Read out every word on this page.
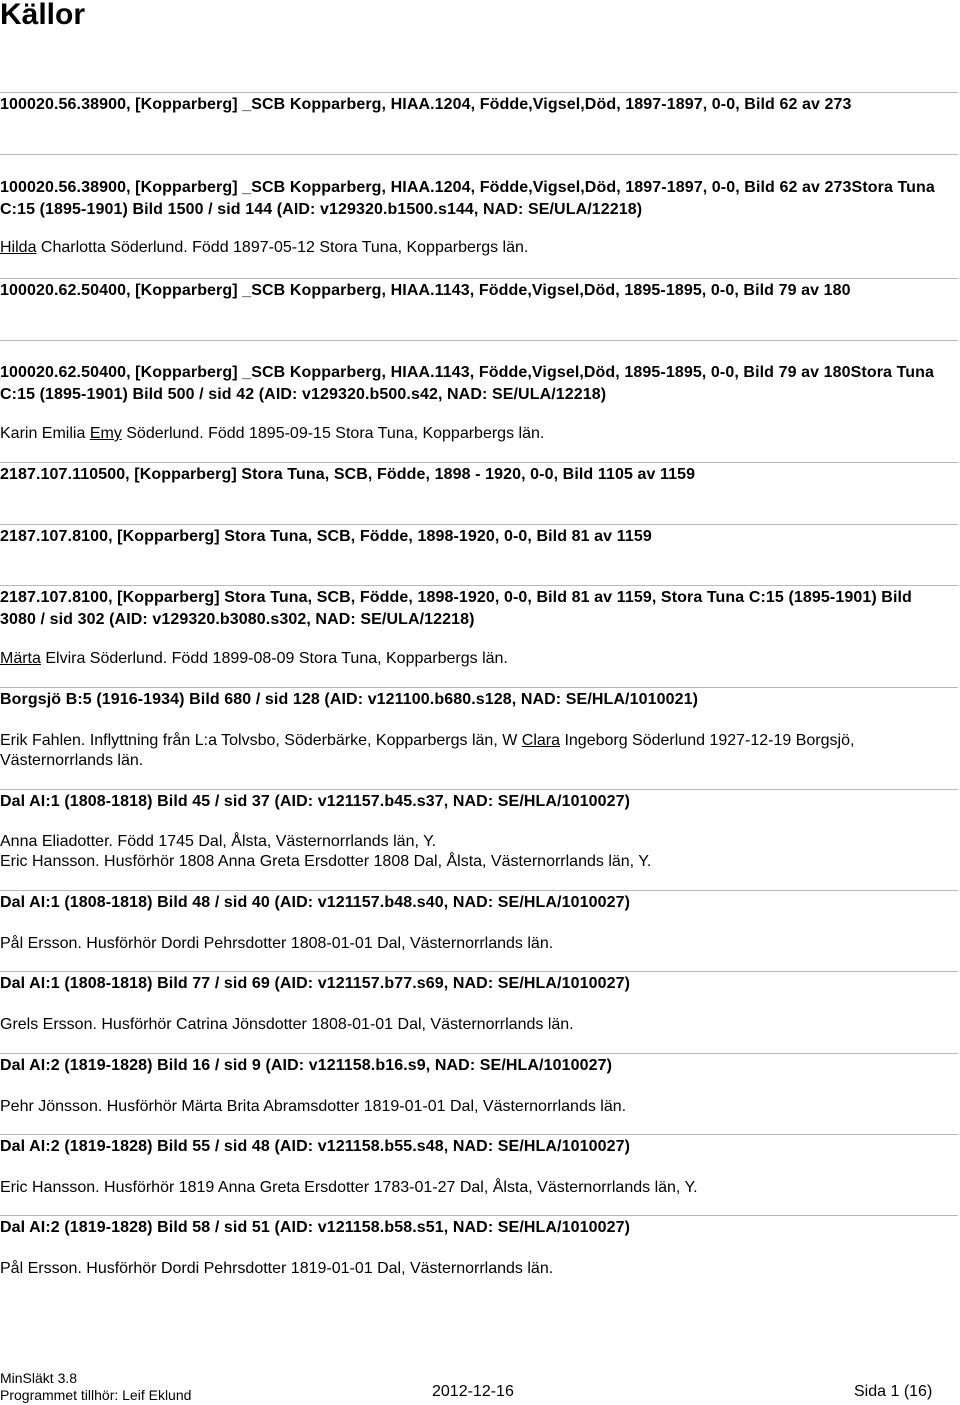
Källor
100020.56.38900, [Kopparberg] _SCB Kopparberg, HIAA.1204, Födde,Vigsel,Död, 1897-1897, 0-0, Bild 62 av 273
100020.56.38900, [Kopparberg] _SCB Kopparberg, HIAA.1204, Födde,Vigsel,Död, 1897-1897, 0-0, Bild 62 av 273Stora Tuna C:15 (1895-1901) Bild 1500 / sid 144 (AID: v129320.b1500.s144, NAD: SE/ULA/12218)
Hilda Charlotta Söderlund. Född 1897-05-12 Stora Tuna, Kopparbergs län.
100020.62.50400, [Kopparberg] _SCB Kopparberg, HIAA.1143, Födde,Vigsel,Död, 1895-1895, 0-0, Bild 79 av 180
100020.62.50400, [Kopparberg] _SCB Kopparberg, HIAA.1143, Födde,Vigsel,Död, 1895-1895, 0-0, Bild 79 av 180Stora Tuna C:15 (1895-1901) Bild 500 / sid 42 (AID: v129320.b500.s42, NAD: SE/ULA/12218)
Karin Emilia Emy Söderlund. Född 1895-09-15 Stora Tuna, Kopparbergs län.
2187.107.110500, [Kopparberg] Stora Tuna, SCB, Födde, 1898 - 1920, 0-0, Bild 1105 av 1159
2187.107.8100, [Kopparberg] Stora Tuna, SCB, Födde, 1898-1920, 0-0, Bild 81 av 1159
2187.107.8100, [Kopparberg] Stora Tuna, SCB, Födde, 1898-1920, 0-0, Bild 81 av 1159, Stora Tuna C:15 (1895-1901) Bild 3080 / sid 302 (AID: v129320.b3080.s302, NAD: SE/ULA/12218)
Märta Elvira Söderlund. Född 1899-08-09 Stora Tuna, Kopparbergs län.
Borgsjö B:5 (1916-1934) Bild 680 / sid 128 (AID: v121100.b680.s128, NAD: SE/HLA/1010021)
Erik Fahlen. Inflyttning från L:a Tolvsbo, Söderbärke, Kopparbergs län, W Clara Ingeborg Söderlund 1927-12-19 Borgsjö, Västernorrlands län.
Dal AI:1 (1808-1818) Bild 45 / sid 37 (AID: v121157.b45.s37, NAD: SE/HLA/1010027)
Anna Eliadotter. Född 1745 Dal, Ålsta, Västernorrlands län, Y.
Eric Hansson. Husförhör 1808 Anna Greta Ersdotter 1808 Dal, Ålsta, Västernorrlands län, Y.
Dal AI:1 (1808-1818) Bild 48 / sid 40 (AID: v121157.b48.s40, NAD: SE/HLA/1010027)
Pål Ersson. Husförhör Dordi Pehrsdotter 1808-01-01 Dal, Västernorrlands län.
Dal AI:1 (1808-1818) Bild 77 / sid 69 (AID: v121157.b77.s69, NAD: SE/HLA/1010027)
Grels Ersson. Husförhör Catrina Jönsdotter 1808-01-01 Dal, Västernorrlands län.
Dal AI:2 (1819-1828) Bild 16 / sid 9 (AID: v121158.b16.s9, NAD: SE/HLA/1010027)
Pehr Jönsson. Husförhör Märta Brita Abramsdotter 1819-01-01 Dal, Västernorrlands län.
Dal AI:2 (1819-1828) Bild 55 / sid 48 (AID: v121158.b55.s48, NAD: SE/HLA/1010027)
Eric Hansson. Husförhör 1819 Anna Greta Ersdotter 1783-01-27 Dal, Ålsta, Västernorrlands län, Y.
Dal AI:2 (1819-1828) Bild 58 / sid 51 (AID: v121158.b58.s51, NAD: SE/HLA/1010027)
Pål Ersson. Husförhör Dordi Pehrsdotter 1819-01-01 Dal, Västernorrlands län.
MinSläkt 3.8
Programmet tillhör: Leif Eklund	2012-12-16	Sida 1 (16)
